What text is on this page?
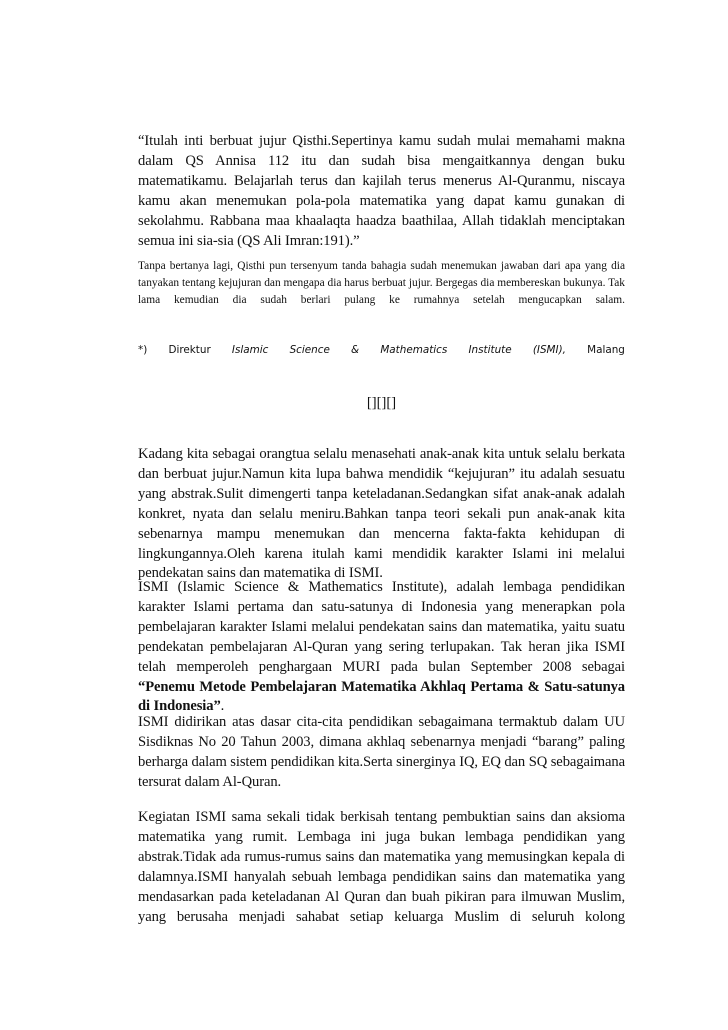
“Itulah inti berbuat jujur Qisthi.Sepertinya kamu sudah mulai memahami makna dalam QS Annisa 112 itu dan sudah bisa mengaitkannya dengan buku matematikamu. Belajarlah terus dan kajilah terus menerus Al-Quranmu, niscaya kamu akan menemukan pola-pola matematika yang dapat kamu gunakan di sekolahmu. Rabbana maa khaalaqta haadza baathilaa, Allah tidaklah menciptakan semua ini sia-sia (QS Ali Imran:191).”

Tanpa bertanya lagi, Qisthi pun tersenyum tanda bahagia sudah menemukan jawaban dari apa yang dia tanyakan tentang kejujuran dan mengapa dia harus berbuat jujur. Bergegas dia membereskan bukunya. Tak lama kemudian dia sudah berlari pulang ke rumahnya setelah mengucapkan salam.

*) Direktur Islamic Science & Mathematics Institute (ISMI), Malang
[][][]

Kadang kita sebagai orangtua selalu menasehati anak-anak kita untuk selalu berkata dan berbuat jujur.Namun kita lupa bahwa mendidik “kejujuran” itu adalah sesuatu yang abstrak.Sulit dimengerti tanpa keteladanan.Sedangkan sifat anak-anak adalah konkret, nyata dan selalu meniru.Bahkan tanpa teori sekali pun anak-anak kita sebenarnya mampu menemukan dan mencerna fakta-fakta kehidupan di lingkungannya.Oleh karena itulah kami mendidik karakter Islami ini melalui pendekatan sains dan matematika di ISMI.

ISMI (Islamic Science & Mathematics Institute), adalah lembaga pendidikan karakter Islami pertama dan satu-satunya di Indonesia yang menerapkan pola pembelajaran karakter Islami melalui pendekatan sains dan matematika, yaitu suatu pendekatan pembelajaran Al-Quran yang sering terlupakan. Tak heran jika ISMI telah memperoleh penghargaan MURI pada bulan September 2008 sebagai “Penemu Metode Pembelajaran Matematika Akhlaq Pertama & Satu-satunya di Indonesia”.

ISMI didirikan atas dasar cita-cita pendidikan sebagaimana termaktub dalam UU Sisdiknas No 20 Tahun 2003, dimana akhlaq sebenarnya menjadi “barang” paling berharga dalam sistem pendidikan kita.Serta sinerginya IQ, EQ dan SQ sebagaimana tersurat dalam Al-Quran.

Kegiatan ISMI sama sekali tidak berkisah tentang pembuktian sains dan aksioma matematika yang rumit. Lembaga ini juga bukan lembaga pendidikan yang abstrak.Tidak ada rumus-rumus sains dan matematika yang memusingkan kepala di dalamnya.ISMI hanyalah sebuah lembaga pendidikan sains dan matematika yang mendasarkan pada keteladanan Al Quran dan buah pikiran para ilmuwan Muslim, yang berusaha menjadi sahabat setiap keluarga Muslim di seluruh kolong
